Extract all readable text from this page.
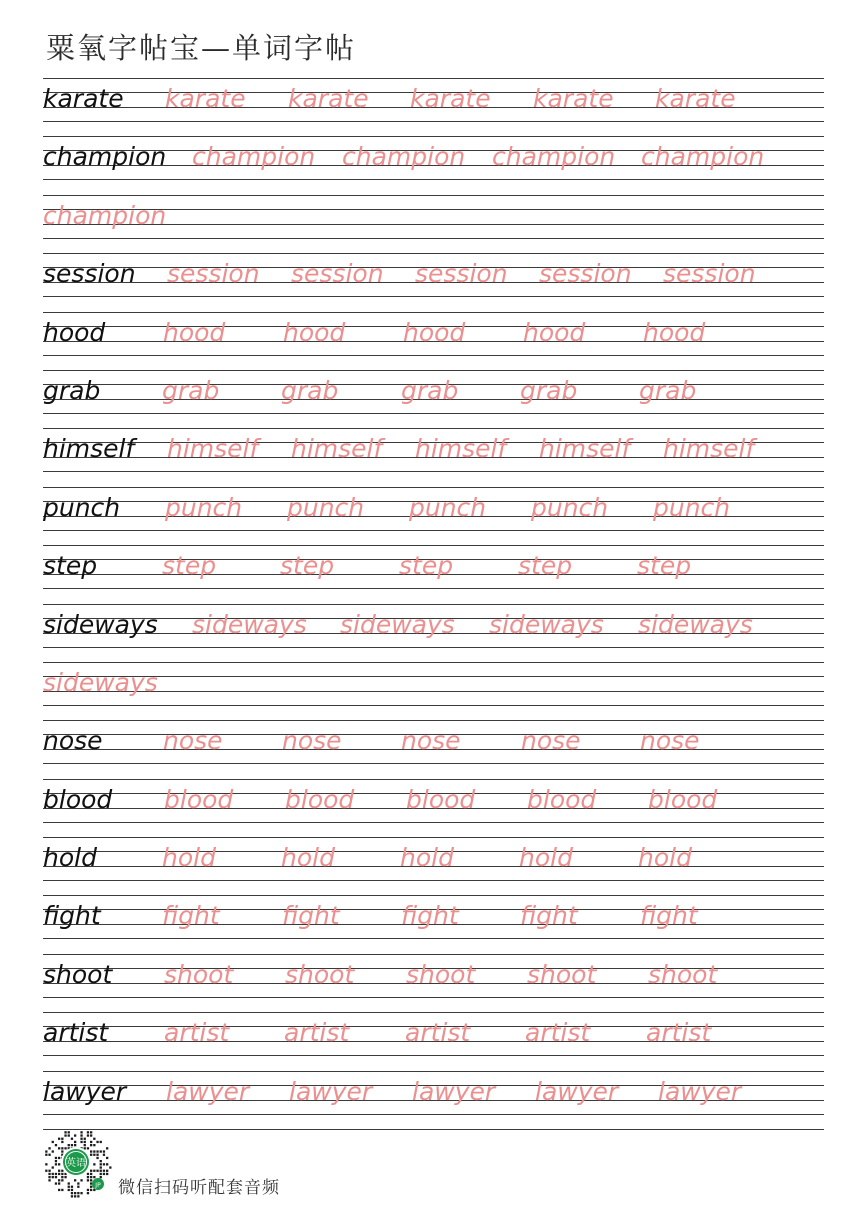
粟氧字帖宝—单词字帖
karate karate karate karate karate karate
champion champion champion champion champion
champion
session session session session session session
hood hood hood hood hood hood
grab grab grab	grab grab grab
himself himself himself himself himself himself
punch punch punch punch punch punch
step	step	step	step	step	step
sideways sideways sideways sideways sideways
sideways
nose nose nose nose nose nose
blood blood blood blood blood blood
hold	hold	hold	hold	hold	hold
fight fight fight fight fight fight
shoot shoot shoot shoot shoot shoot
artist artist artist artist artist artist
lawyer lawyer lawyer lawyer lawyer lawyer
英语
JP 微信扫码听配套音频
